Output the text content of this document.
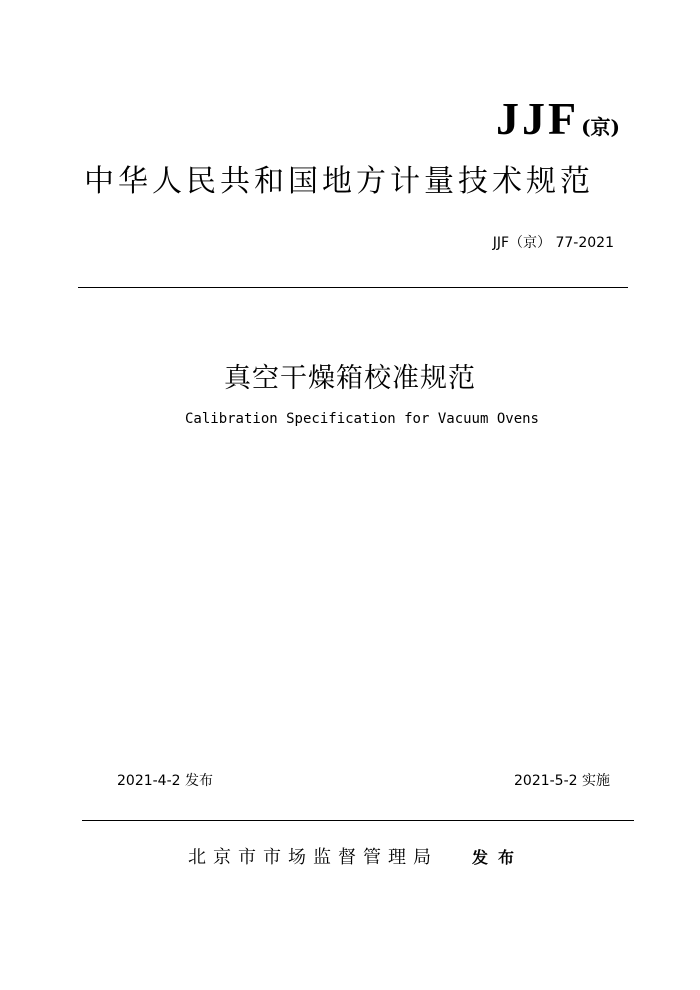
JJF (京)
中华人民共和国地方计量技术规范
JJF（京） 77-2021
真空干燥箱校准规范
Calibration Specification for Vacuum Ovens
2021-4-2 发布	2021-5-2 实施
北京市市场监督管理局 发布
